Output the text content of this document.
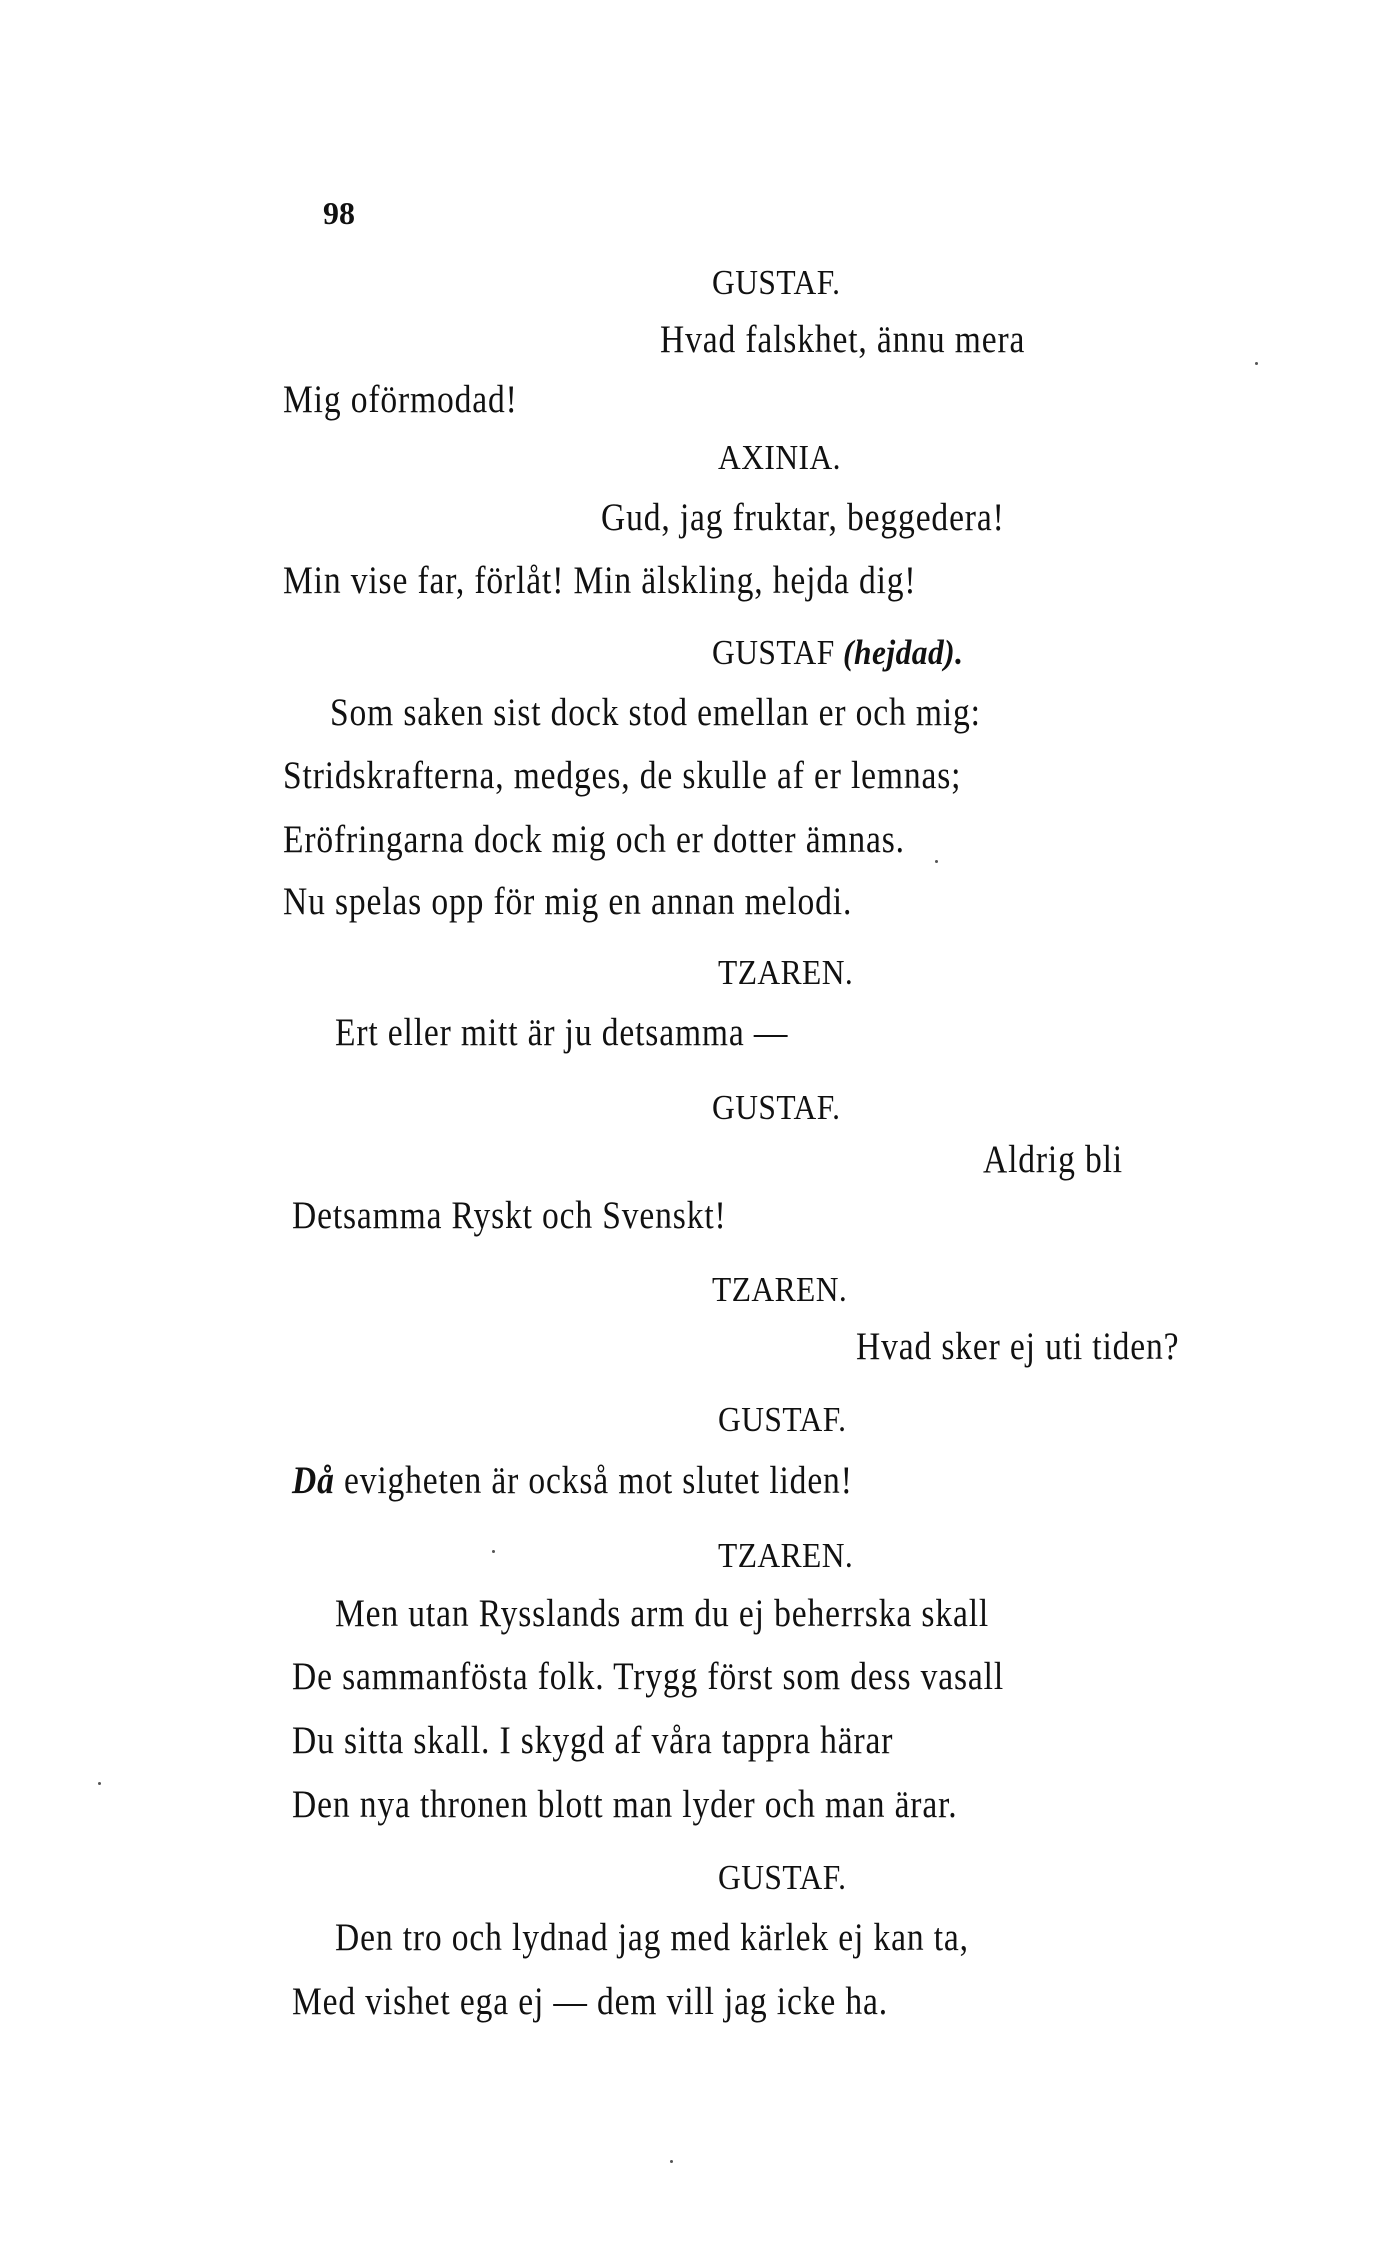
98
GUSTAF.
Hvad falskhet, ännu mera
Mig oförmodad!
AXINIA.
Gud, jag fruktar, beggedera!
Min vise far, förlåt! Min älskling, hejda dig!
GUSTAF (hejdad).
Som saken sist dock stod emellan er och mig:
Stridskrafterna, medges, de skulle af er lemnas;
Eröfringarna dock mig och er dotter ämnas.
Nu spelas opp för mig en annan melodi.
TZAREN.
Ert eller mitt är ju detsamma —
GUSTAF.
Aldrig bli
Detsamma Ryskt och Svenskt!
TZAREN.
Hvad sker ej uti tiden?
GUSTAF.
Då evigheten är också mot slutet liden!
TZAREN.
Men utan Rysslands arm du ej beherrska skall
De sammanfösta folk. Trygg först som dess vasall
Du sitta skall. I skygd af våra tappra härar
Den nya thronen blott man lyder och man ärar.
GUSTAF.
Den tro och lydnad jag med kärlek ej kan ta,
Med vishet ega ej — dem vill jag icke ha.
